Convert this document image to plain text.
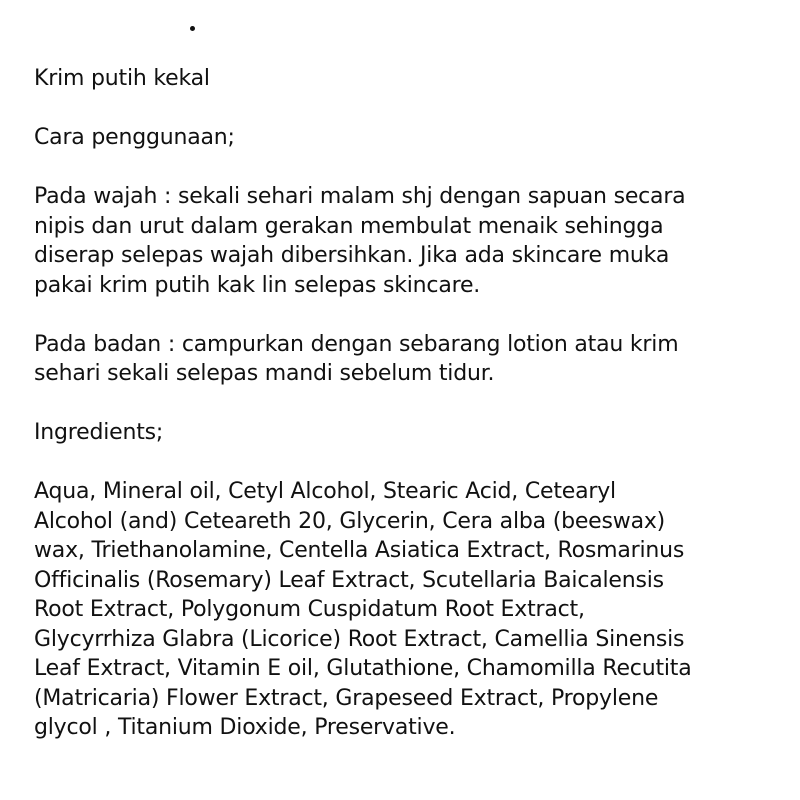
Krim putih kekal
Cara penggunaan;
Pada wajah : sekali sehari malam shj dengan sapuan secara
nipis dan urut dalam gerakan membulat menaik sehingga
diserap selepas wajah dibersihkan. Jika ada skincare muka
pakai krim putih kak lin selepas skincare.
Pada badan : campurkan dengan sebarang lotion atau krim
sehari sekali selepas mandi sebelum tidur.
Ingredients;
Aqua, Mineral oil, Cetyl Alcohol, Stearic Acid, Cetearyl
Alcohol (and) Ceteareth 20, Glycerin, Cera alba (beeswax)
wax, Triethanolamine, Centella Asiatica Extract, Rosmarinus
Officinalis (Rosemary) Leaf Extract, Scutellaria Baicalensis
Root Extract, Polygonum Cuspidatum Root Extract,
Glycyrrhiza Glabra (Licorice) Root Extract, Camellia Sinensis
Leaf Extract, Vitamin E oil, Glutathione, Chamomilla Recutita
(Matricaria) Flower Extract, Grapeseed Extract, Propylene
glycol , Titanium Dioxide, Preservative.
